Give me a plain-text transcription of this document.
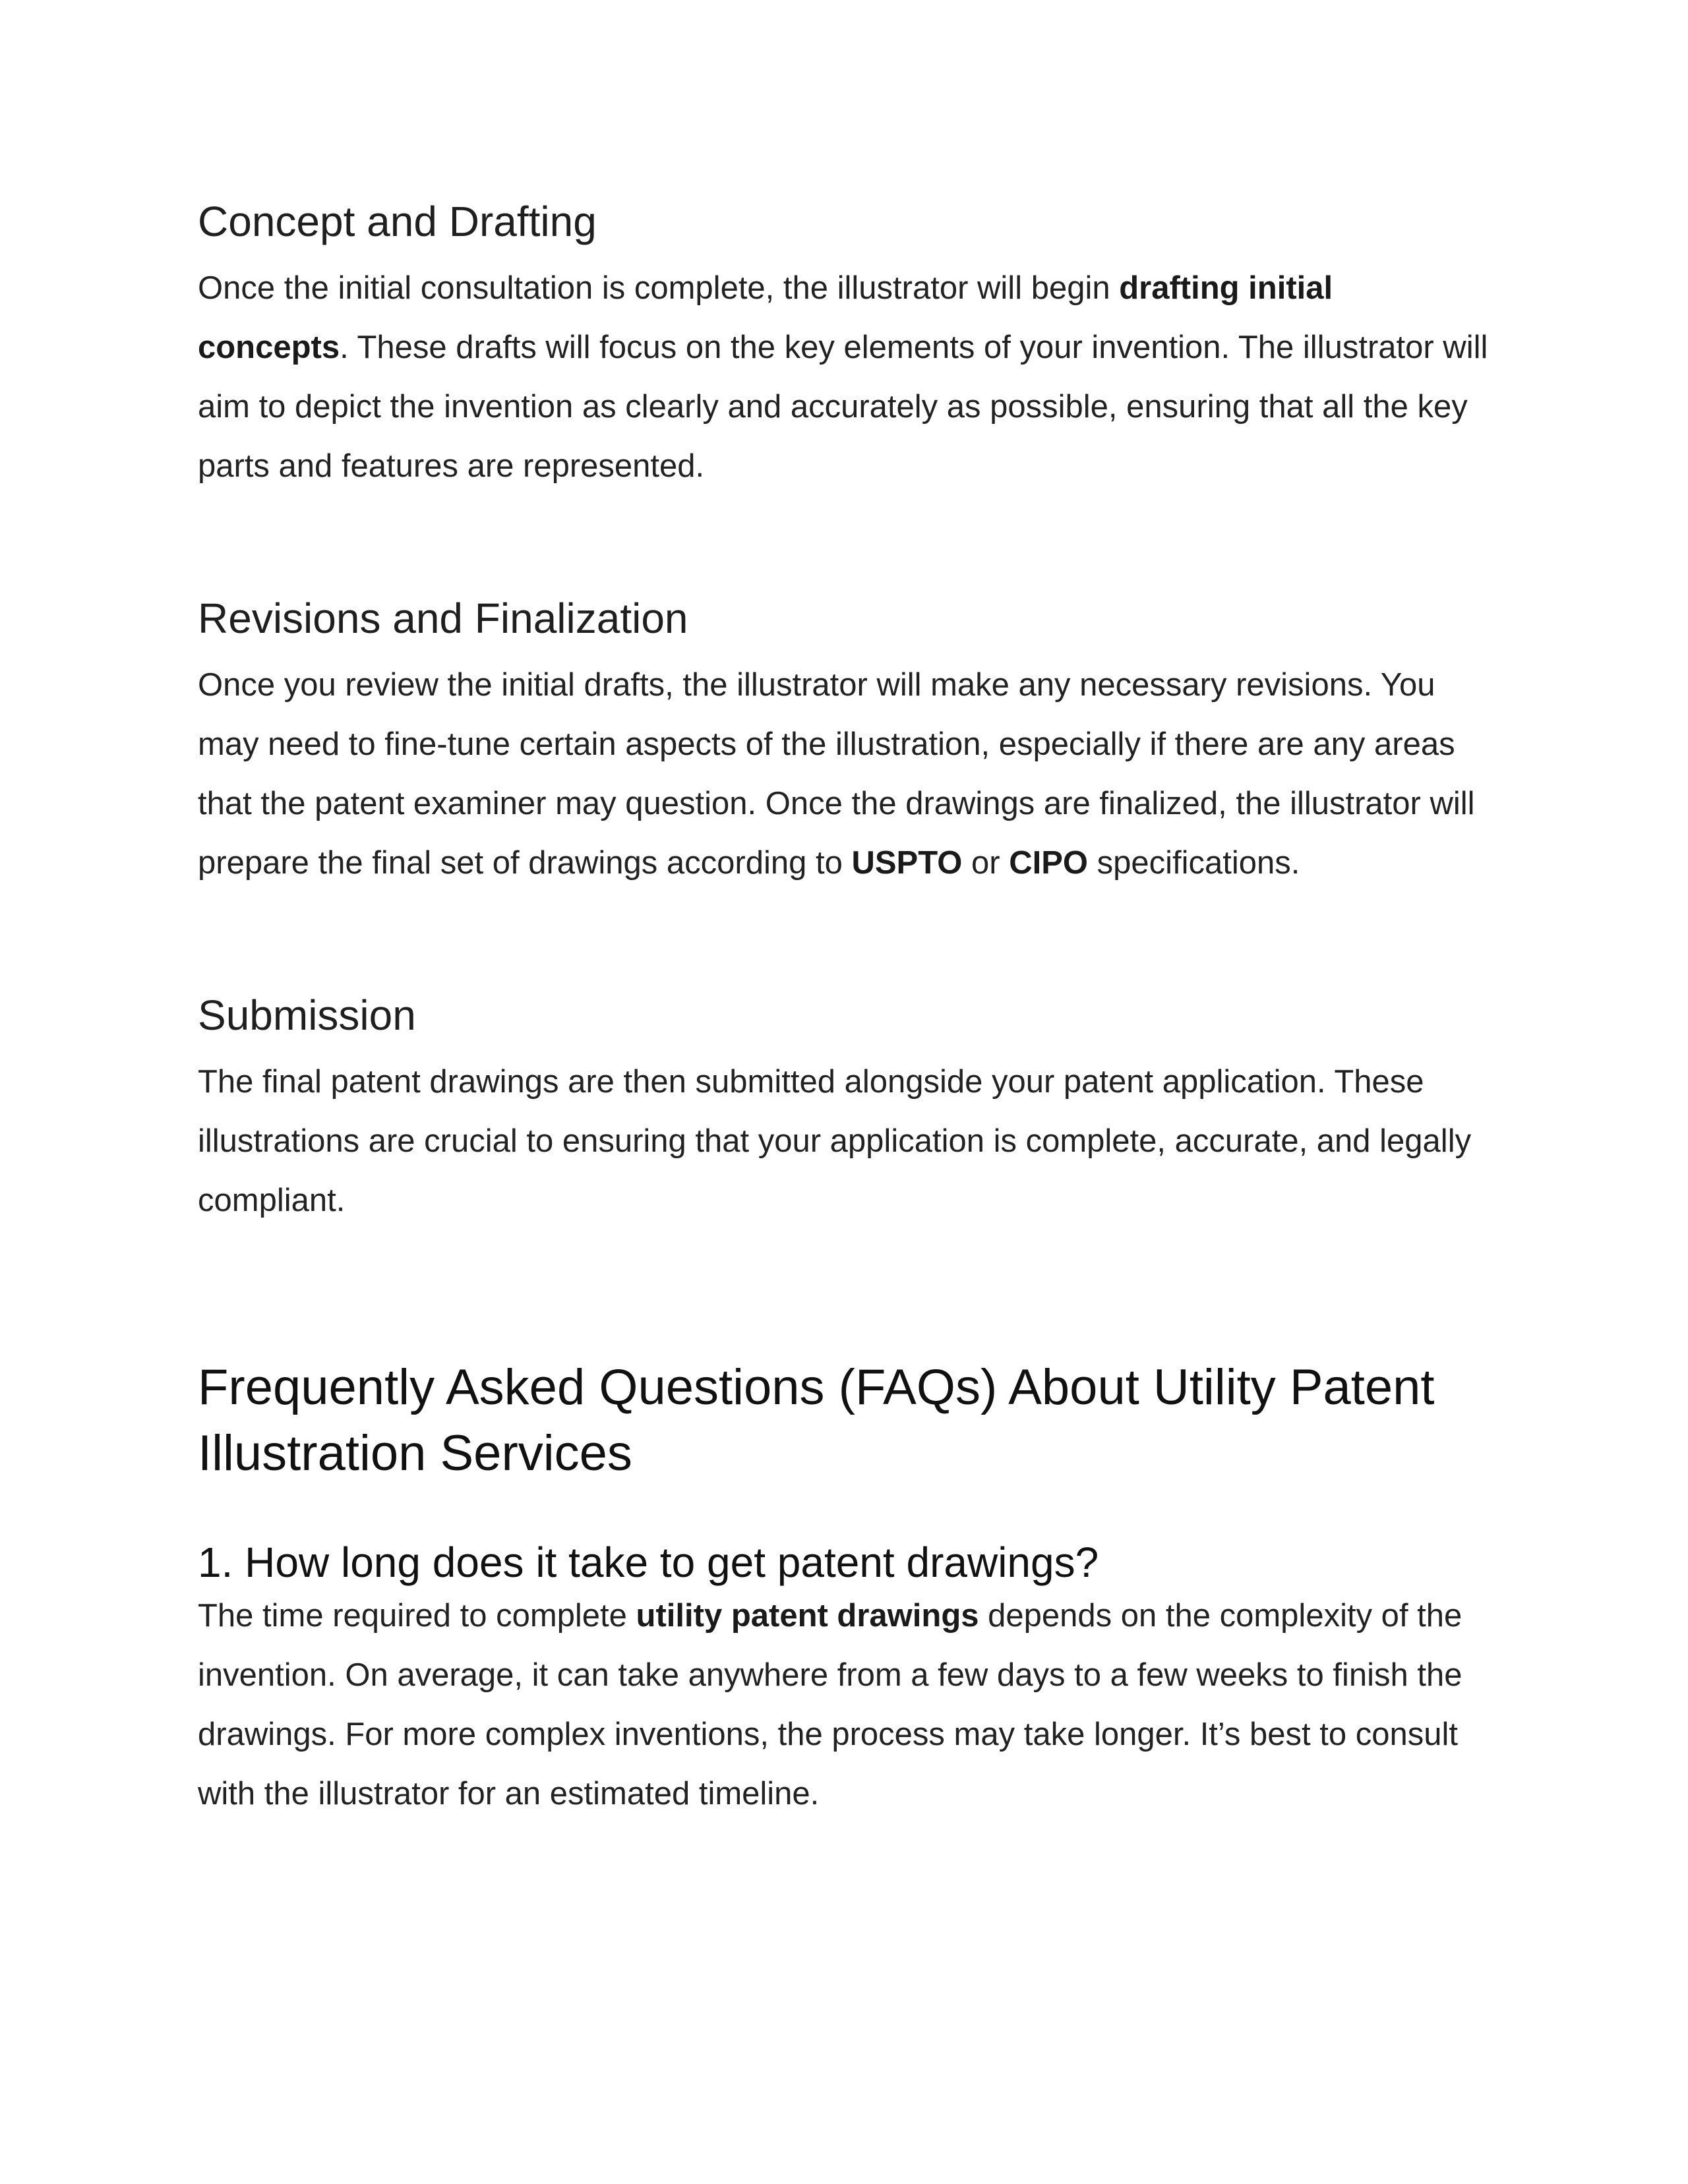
Concept and Drafting

Once the initial consultation is complete, the illustrator will begin drafting initial concepts. These drafts will focus on the key elements of your invention. The illustrator will aim to depict the invention as clearly and accurately as possible, ensuring that all the key parts and features are represented.

Revisions and Finalization

Once you review the initial drafts, the illustrator will make any necessary revisions. You may need to fine-tune certain aspects of the illustration, especially if there are any areas that the patent examiner may question. Once the drawings are finalized, the illustrator will prepare the final set of drawings according to USPTO or CIPO specifications.

Submission

The final patent drawings are then submitted alongside your patent application. These illustrations are crucial to ensuring that your application is complete, accurate, and legally compliant.

Frequently Asked Questions (FAQs) About Utility Patent Illustration Services
1. How long does it take to get patent drawings?

The time required to complete utility patent drawings depends on the complexity of the invention. On average, it can take anywhere from a few days to a few weeks to finish the drawings. For more complex inventions, the process may take longer. It’s best to consult with the illustrator for an estimated timeline.
